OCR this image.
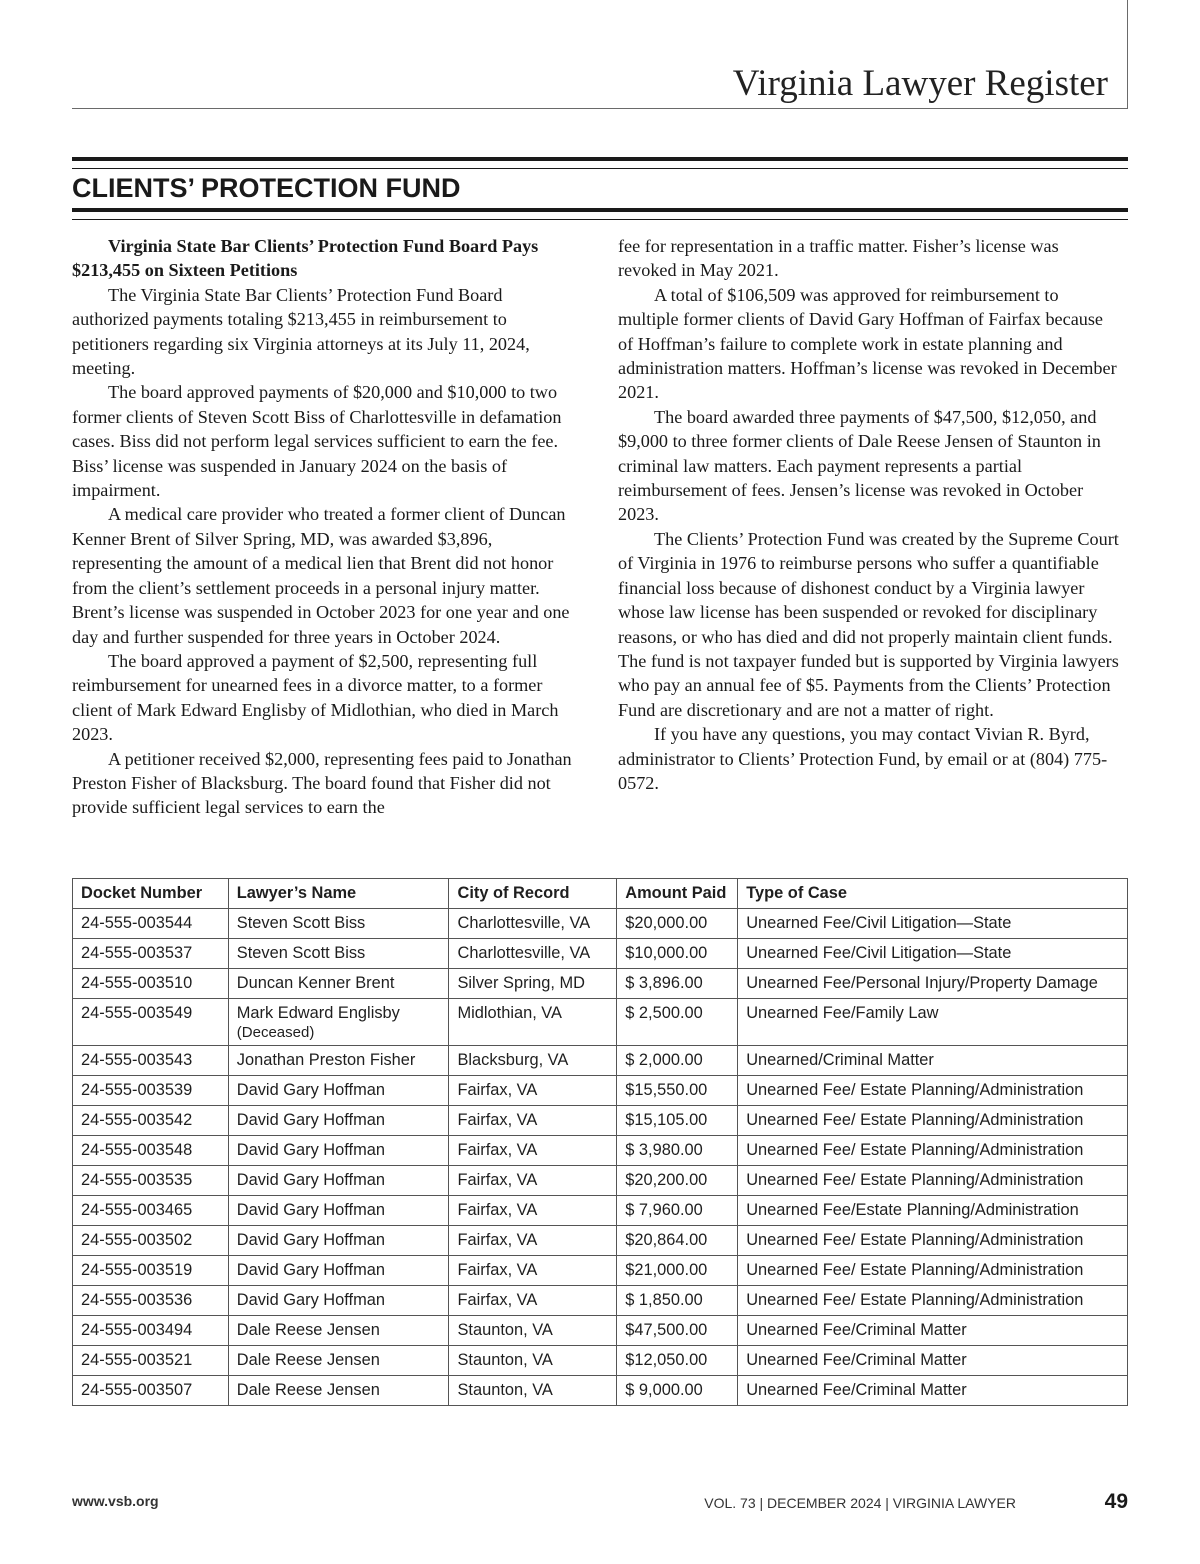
Virginia Lawyer Register
CLIENTS’ PROTECTION FUND

Virginia State Bar Clients’ Protection Fund Board Pays $213,455 on Sixteen Petitions

The Virginia State Bar Clients’ Protection Fund Board authorized payments totaling $213,455 in reimbursement to petitioners regarding six Virginia attorneys at its July 11, 2024, meeting.

The board approved payments of $20,000 and $10,000 to two former clients of Steven Scott Biss of Charlottesville in defamation cases. Biss did not perform legal services sufficient to earn the fee. Biss’ license was suspended in January 2024 on the basis of impairment.

A medical care provider who treated a former client of Duncan Kenner Brent of Silver Spring, MD, was awarded $3,896, representing the amount of a medical lien that Brent did not honor from the client’s settlement proceeds in a personal injury matter. Brent’s license was suspended in October 2023 for one year and one day and further suspended for three years in October 2024.

The board approved a payment of $2,500, representing full reimbursement for unearned fees in a divorce matter, to a former client of Mark Edward Englisby of Midlothian, who died in March 2023.

A petitioner received $2,000, representing fees paid to Jonathan Preston Fisher of Blacksburg. The board found that Fisher did not provide sufficient legal services to earn the

fee for representation in a traffic matter. Fisher’s license was revoked in May 2021.

A total of $106,509 was approved for reimbursement to multiple former clients of David Gary Hoffman of Fairfax because of Hoffman’s failure to complete work in estate planning and administration matters. Hoffman’s license was revoked in December 2021.

The board awarded three payments of $47,500, $12,050, and $9,000 to three former clients of Dale Reese Jensen of Staunton in criminal law matters. Each payment represents a partial reimbursement of fees. Jensen’s license was revoked in October 2023.

The Clients’ Protection Fund was created by the Supreme Court of Virginia in 1976 to reimburse persons who suffer a quantifiable financial loss because of dishonest conduct by a Virginia lawyer whose law license has been suspended or revoked for disciplinary reasons, or who has died and did not properly maintain client funds. The fund is not taxpayer funded but is supported by Virginia lawyers who pay an annual fee of $5. Payments from the Clients’ Protection Fund are discretionary and are not a matter of right.

If you have any questions, you may contact Vivian R. Byrd, administrator to Clients’ Protection Fund, by email or at (804) 775-0572.

Docket Number	Lawyer’s Name	City of Record	Amount Paid	Type of Case
24-555-003544	Steven Scott Biss	Charlottesville, VA	$20,000.00	Unearned Fee/Civil Litigation—State
24-555-003537	Steven Scott Biss	Charlottesville, VA	$10,000.00	Unearned Fee/Civil Litigation—State
24-555-003510	Duncan Kenner Brent	Silver Spring, MD	$ 3,896.00	Unearned Fee/Personal Injury/Property Damage
24-555-003549	Mark Edward Englisby
(Deceased)	Midlothian, VA	$ 2,500.00	Unearned Fee/Family Law
24-555-003543	Jonathan Preston Fisher	Blacksburg, VA	$ 2,000.00	Unearned/Criminal Matter
24-555-003539	David Gary Hoffman	Fairfax, VA	$15,550.00	Unearned Fee/ Estate Planning/Administration
24-555-003542	David Gary Hoffman	Fairfax, VA	$15,105.00	Unearned Fee/ Estate Planning/Administration
24-555-003548	David Gary Hoffman	Fairfax, VA	$ 3,980.00	Unearned Fee/ Estate Planning/Administration
24-555-003535	David Gary Hoffman	Fairfax, VA	$20,200.00	Unearned Fee/ Estate Planning/Administration
24-555-003465	David Gary Hoffman	Fairfax, VA	$ 7,960.00	Unearned Fee/Estate Planning/Administration
24-555-003502	David Gary Hoffman	Fairfax, VA	$20,864.00	Unearned Fee/ Estate Planning/Administration
24-555-003519	David Gary Hoffman	Fairfax, VA	$21,000.00	Unearned Fee/ Estate Planning/Administration
24-555-003536	David Gary Hoffman	Fairfax, VA	$ 1,850.00	Unearned Fee/ Estate Planning/Administration
24-555-003494	Dale Reese Jensen	Staunton, VA	$47,500.00	Unearned Fee/Criminal Matter
24-555-003521	Dale Reese Jensen	Staunton, VA	$12,050.00	Unearned Fee/Criminal Matter
24-555-003507	Dale Reese Jensen	Staunton, VA	$ 9,000.00	Unearned Fee/Criminal Matter
www.vsb.org	VOL. 73 | DECEMBER 2024 | VIRGINIA LAWYER	49
